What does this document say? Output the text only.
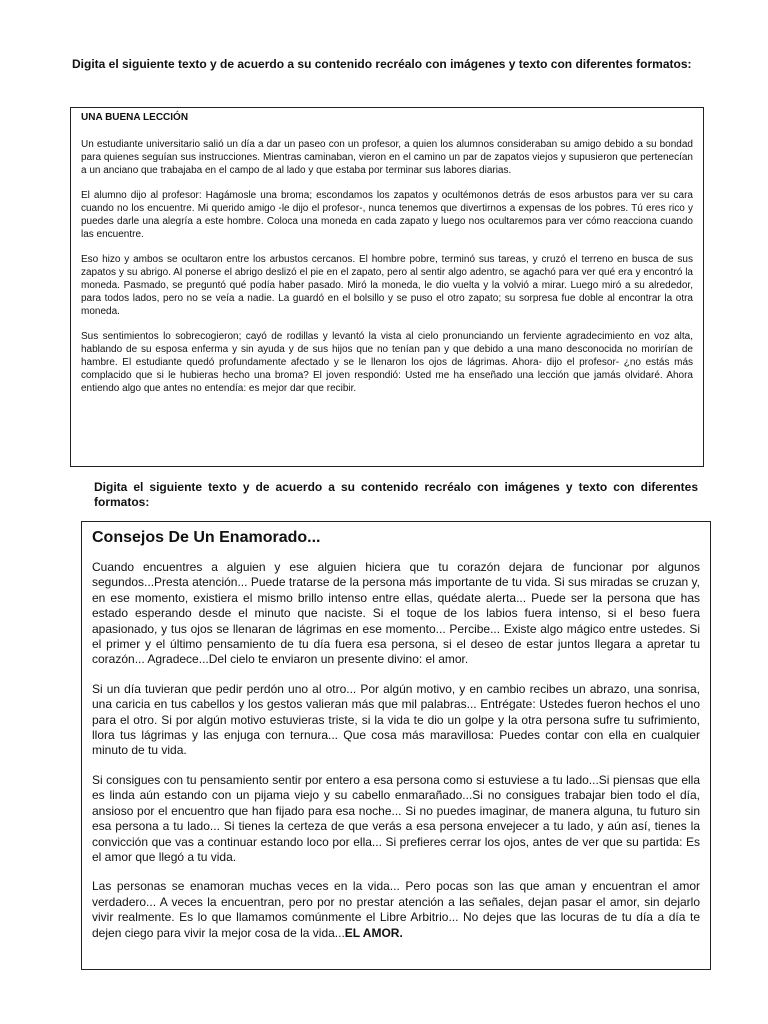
Digita el siguiente texto y de acuerdo a su contenido recréalo con imágenes y texto con diferentes formatos:
UNA BUENA LECCIÓN

Un estudiante universitario salió un día a dar un paseo con un profesor, a quien los alumnos consideraban su amigo debido a su bondad para quienes seguían sus instrucciones. Mientras caminaban, vieron en el camino un par de zapatos viejos y supusieron que pertenecían a un anciano que trabajaba en el campo de al lado y que estaba por terminar sus labores diarias.

El alumno dijo al profesor: Hagámosle una broma; escondamos los zapatos y ocultémonos detrás de esos arbustos para ver su cara cuando no los encuentre. Mi querido amigo -le dijo el profesor-, nunca tenemos que divertirnos a expensas de los pobres. Tú eres rico y puedes darle una alegría a este hombre. Coloca una moneda en cada zapato y luego nos ocultaremos para ver cómo reacciona cuando las encuentre.

Eso hizo y ambos se ocultaron entre los arbustos cercanos. El hombre pobre, terminó sus tareas, y cruzó el terreno en busca de sus zapatos y su abrigo. Al ponerse el abrigo deslizó el pie en el zapato, pero al sentir algo adentro, se agachó para ver qué era y encontró la moneda. Pasmado, se preguntó qué podía haber pasado. Miró la moneda, le dio vuelta y la volvió a mirar. Luego miró a su alrededor, para todos lados, pero no se veía a nadie. La guardó en el bolsillo y se puso el otro zapato; su sorpresa fue doble al encontrar la otra moneda.

Sus sentimientos lo sobrecogieron; cayó de rodillas y levantó la vista al cielo pronunciando un ferviente agradecimiento en voz alta, hablando de su esposa enferma y sin ayuda y de sus hijos que no tenían pan y que debido a una mano desconocida no morirían de hambre. El estudiante quedó profundamente afectado y se le llenaron los ojos de lágrimas. Ahora- dijo el profesor- ¿no estás más complacido que si le hubieras hecho una broma? El joven respondió: Usted me ha enseñado una lección que jamás olvidaré. Ahora entiendo algo que antes no entendía: es mejor dar que recibir.

Digita el siguiente texto y de acuerdo a su contenido recréalo con imágenes y texto con diferentes formatos:
Consejos De Un Enamorado...

Cuando encuentres a alguien y ese alguien hiciera que tu corazón dejara de funcionar por algunos segundos...Presta atención... Puede tratarse de la persona más importante de tu vida. Si sus miradas se cruzan y, en ese momento, existiera el mismo brillo intenso entre ellas, quédate alerta... Puede ser la persona que has estado esperando desde el minuto que naciste. Si el toque de los labios fuera intenso, si el beso fuera apasionado, y tus ojos se llenaran de lágrimas en ese momento... Percibe... Existe algo mágico entre ustedes. Si el primer y el último pensamiento de tu día fuera esa persona, si el deseo de estar juntos llegara a apretar tu corazón... Agradece...Del cielo te enviaron un presente divino: el amor.

Si un día tuvieran que pedir perdón uno al otro... Por algún motivo, y en cambio recibes un abrazo, una sonrisa, una caricia en tus cabellos y los gestos valieran más que mil palabras... Entrégate: Ustedes fueron hechos el uno para el otro. Si por algún motivo estuvieras triste, si la vida te dio un golpe y la otra persona sufre tu sufrimiento, llora tus lágrimas y las enjuga con ternura... Que cosa más maravillosa: Puedes contar con ella en cualquier minuto de tu vida.

Si consigues con tu pensamiento sentir por entero a esa persona como si estuviese a tu lado...Si piensas que ella es linda aún estando con un pijama viejo y su cabello enmarañado...Si no consigues trabajar bien todo el día, ansioso por el encuentro que han fijado para esa noche... Si no puedes imaginar, de manera alguna, tu futuro sin esa persona a tu lado... Si tienes la certeza de que verás a esa persona envejecer a tu lado, y aún así, tienes la convicción que vas a continuar estando loco por ella... Si prefieres cerrar los ojos, antes de ver que su partida: Es el amor que llegó a tu vida.

Las personas se enamoran muchas veces en la vida... Pero pocas son las que aman y encuentran el amor verdadero... A veces la encuentran, pero por no prestar atención a las señales, dejan pasar el amor, sin dejarlo vivir realmente. Es lo que llamamos comúnmente el Libre Arbitrio... No dejes que las locuras de tu día a día te dejen ciego para vivir la mejor cosa de la vida...EL AMOR.
